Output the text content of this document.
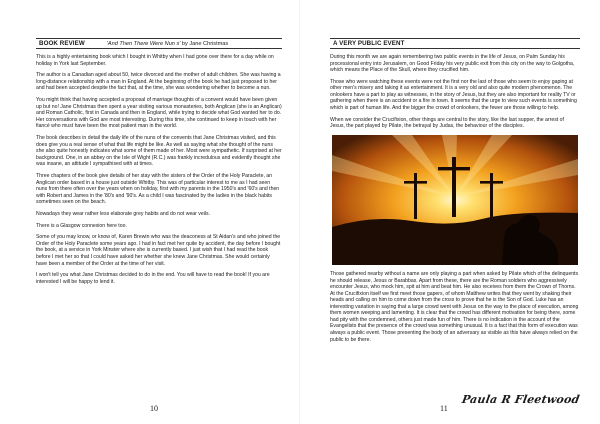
BOOK REVIEW	'And Then There Were Nun s' by Jane Christmas

This is a highly entertaining book which I bought in Whitby when I had gone over there for a day while on holiday in York last September.

The author is a Canadian aged about 50, twice divorced and the mother of adult children. She was having a long-distance relationship with a man in England. At the beginning of the book he had just proposed to her and had been accepted despite the fact that, at the time, she was wondering whether to become a nun.

You might think that having accepted a proposal of marriage thoughts of a convent would have been given up but no! Jane Christmas then spent a year visiting various monasteries, both Anglican (she is an Anglican) and Roman Catholic, first in Canada and then in England, while trying to decide what God wanted her to do. Her conversations with God are most interesting. During this time, she continued to keep in touch with her fiancé who must have been the most patient man in the world.

The book describes in detail the daily life of the nuns of the convents that Jane Christmas visited, and this does give you a real sense of what that life might be like. As well as saying what she thought of the nuns she also quite honestly indicates what some of them made of her. Most were sympathetic. If surprised at her background. One, in an abbey on the Isle of Wight (R.C.) was frankly incredulous and evidently thought she was insane, an attitude I sympathised with at times.

Three chapters of the book give details of her stay with the sisters of the Order of the Holy Paraclete, an Anglican order based in a house just outside Whitby. This was of particular interest to me as I had seen nuns from there often over the years when on holiday, first with my parents in the 1950's and '60's and then with Robert and James in the '80's and '90's. As a child I was fascinated by the ladies in the black habits sometimes seen on the beach.

Nowadays they wear rather less elaborate grey habits and do not wear veils.

There is a Glasgow connexion here too.

Some of you may know, or know of, Karen Brewin who was the deaconess at St Aidan's and who joined the Order of the Holy Paraclete some years ago. I had in fact met her quite by accident, the day before I bought the book, at a service in York Minster where she is currently based. I just wish that I had read the book before I met her so that I could have asked her whether she knew Jane Christmas. She would certainly have been a member of the Order at the time of her visit.

I won't tell you what Jane Christmas decided to do in the end. You will have to read the book! If you are interested I will be happy to lend it.

Paula R Fleetwood
10
A VERY PUBLIC EVENT

During this month we are again remembering two public events in the life of Jesus, on Palm Sunday his processional entry into Jerusalem, on Good Friday his very public exit from this city on the way to Golgotha, which means the Place of the Skull, where they crucified him.

Those who were watching these events were not the first nor the last of those who seem to enjoy gaping at other men's misery and taking it as entertainment. It is a very old and also quite modern phenomenon. The onlookers have a part to play as witnesses, in the story of Jesus, but they are also important for reality TV or gathering when there is an accident or a fire in town. It seems that the urge to view such events is something which is part of human life. And the bigger the crowd of onlookers, the fewer are those willing to help.

When we consider the Crucifixion, other things are central to the story, like the last supper, the arrest of Jesus, the part played by Pilate, the betrayal by Judas, the behaviour of the disciples.

Those gathered nearby without a name are only playing a part when asked by Pilate which of the delinquents he should release, Jesus or Barabbas. Apart from these, there are the Roman soldiers who aggressively encounter Jesus, who mock him, spit at him and beat him. He also receives from them the Crown of Thorns. At the Crucifixion itself we first meet those gapers, of whom Matthew writes that they went by shaking their heads and calling on him to come down from the cross to prove that he is the Son of God. Luke has an interesting variation in saying that a large crowd went with Jesus on the way to the place of execution, among them women weeping and lamenting. It is clear that the crowd has different motivation for being there, some had pity with the condemned, others just made fun of him. There is no indication in the account of the Evangelists that the presence of the crowd was something unusual. It is a fact that this form of execution was always a public event. Those presenting the body of an adversary as visible as this have always relied on the public to be there.

11
